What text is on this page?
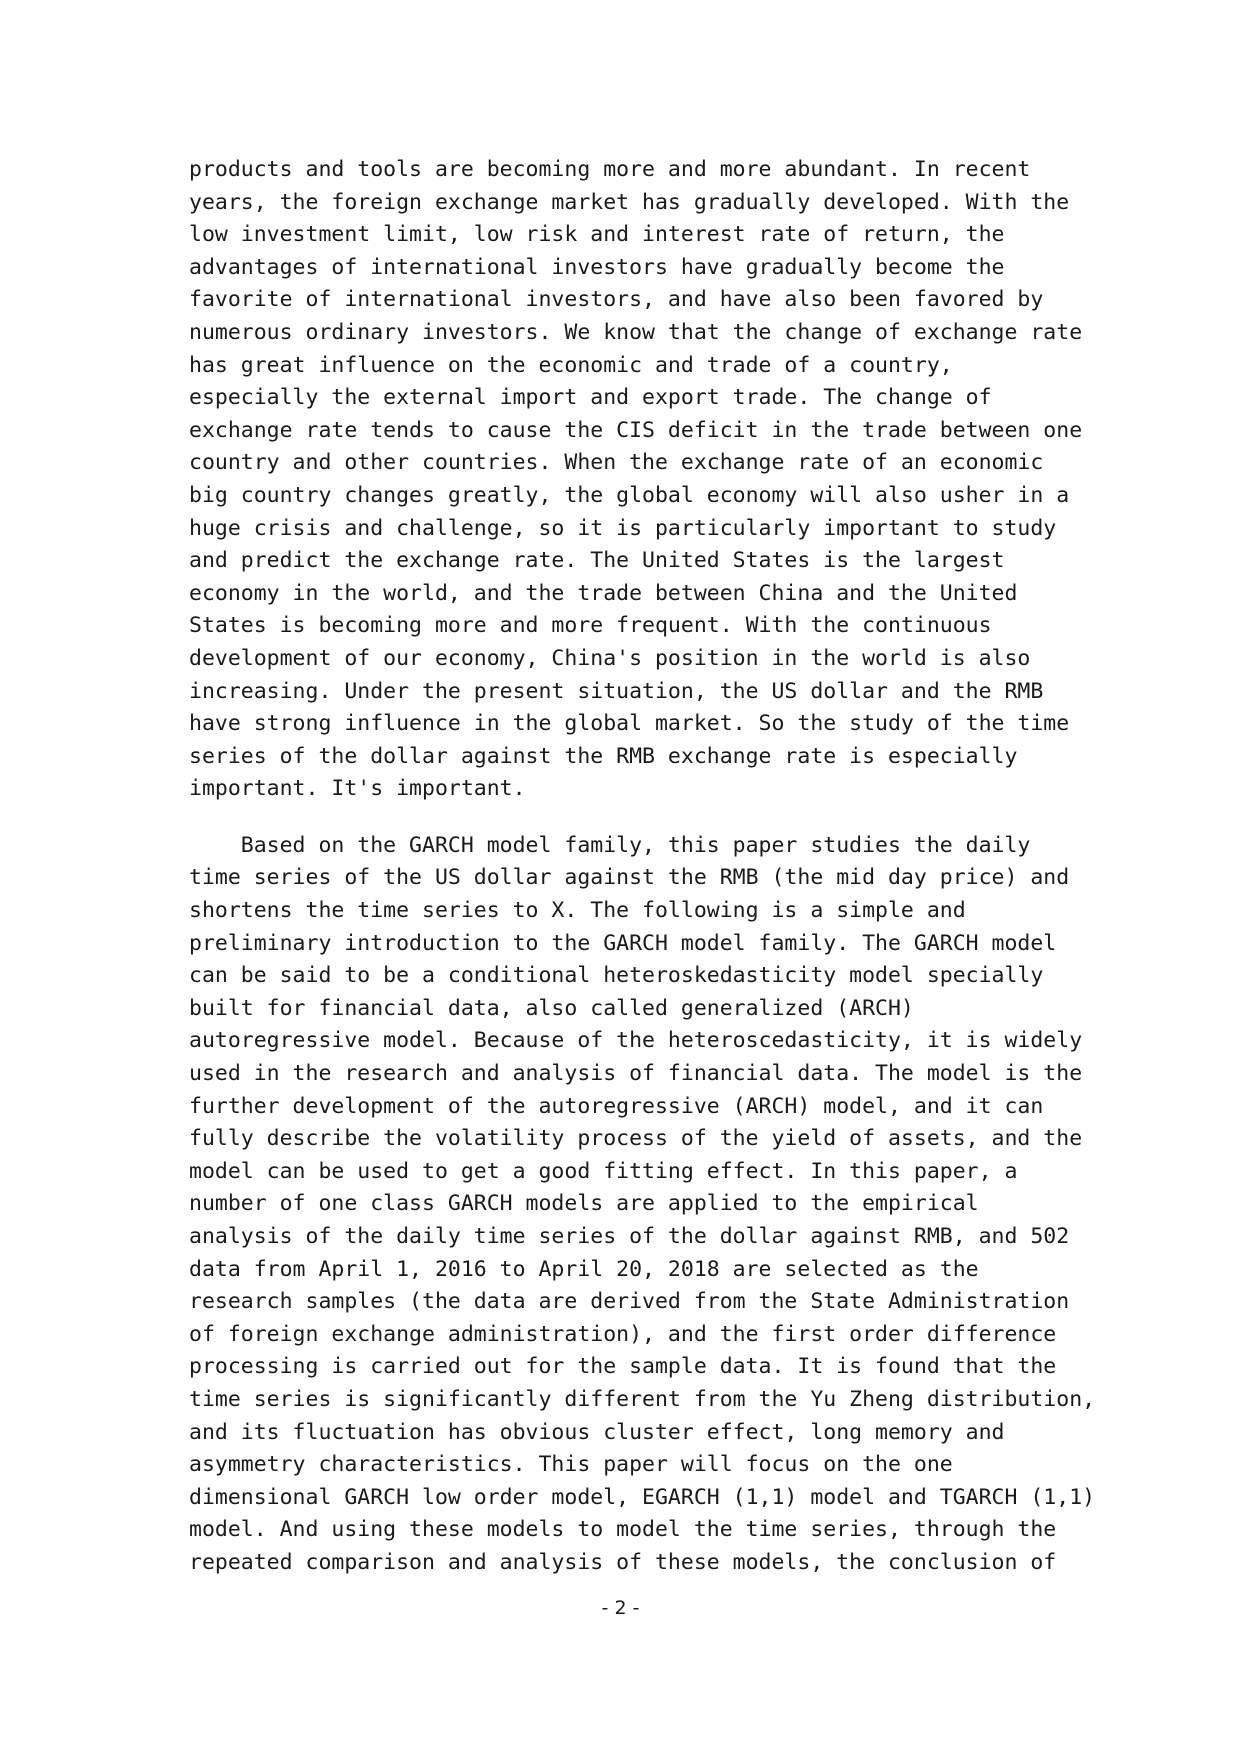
products and tools are becoming more and more abundant. In recent
years, the foreign exchange market has gradually developed. With the
low investment limit, low risk and interest rate of return, the
advantages of international investors have gradually become the
favorite of international investors, and have also been favored by
numerous ordinary investors. We know that the change of exchange rate
has great influence on the economic and trade of a country,
especially the external import and export trade. The change of
exchange rate tends to cause the CIS deficit in the trade between one
country and other countries. When the exchange rate of an economic
big country changes greatly, the global economy will also usher in a
huge crisis and challenge, so it is particularly important to study
and predict the exchange rate. The United States is the largest
economy in the world, and the trade between China and the United
States is becoming more and more frequent. With the continuous
development of our economy, China's position in the world is also
increasing. Under the present situation, the US dollar and the RMB
have strong influence in the global market. So the study of the time
series of the dollar against the RMB exchange rate is especially
important. It's important.
Based on the GARCH model family, this paper studies the daily
time series of the US dollar against the RMB (the mid day price) and
shortens the time series to X. The following is a simple and
preliminary introduction to the GARCH model family. The GARCH model
can be said to be a conditional heteroskedasticity model specially
built for financial data, also called generalized (ARCH)
autoregressive model. Because of the heteroscedasticity, it is widely
used in the research and analysis of financial data. The model is the
further development of the autoregressive (ARCH) model, and it can
fully describe the volatility process of the yield of assets, and the
model can be used to get a good fitting effect. In this paper, a
number of one class GARCH models are applied to the empirical
analysis of the daily time series of the dollar against RMB, and 502
data from April 1, 2016 to April 20, 2018 are selected as the
research samples (the data are derived from the State Administration
of foreign exchange administration), and the first order difference
processing is carried out for the sample data. It is found that the
time series is significantly different from the Yu Zheng distribution,
and its fluctuation has obvious cluster effect, long memory and
asymmetry characteristics. This paper will focus on the one
dimensional GARCH low order model, EGARCH (1,1) model and TGARCH (1,1)
model. And using these models to model the time series, through the
repeated comparison and analysis of these models, the conclusion of
- 2 -
